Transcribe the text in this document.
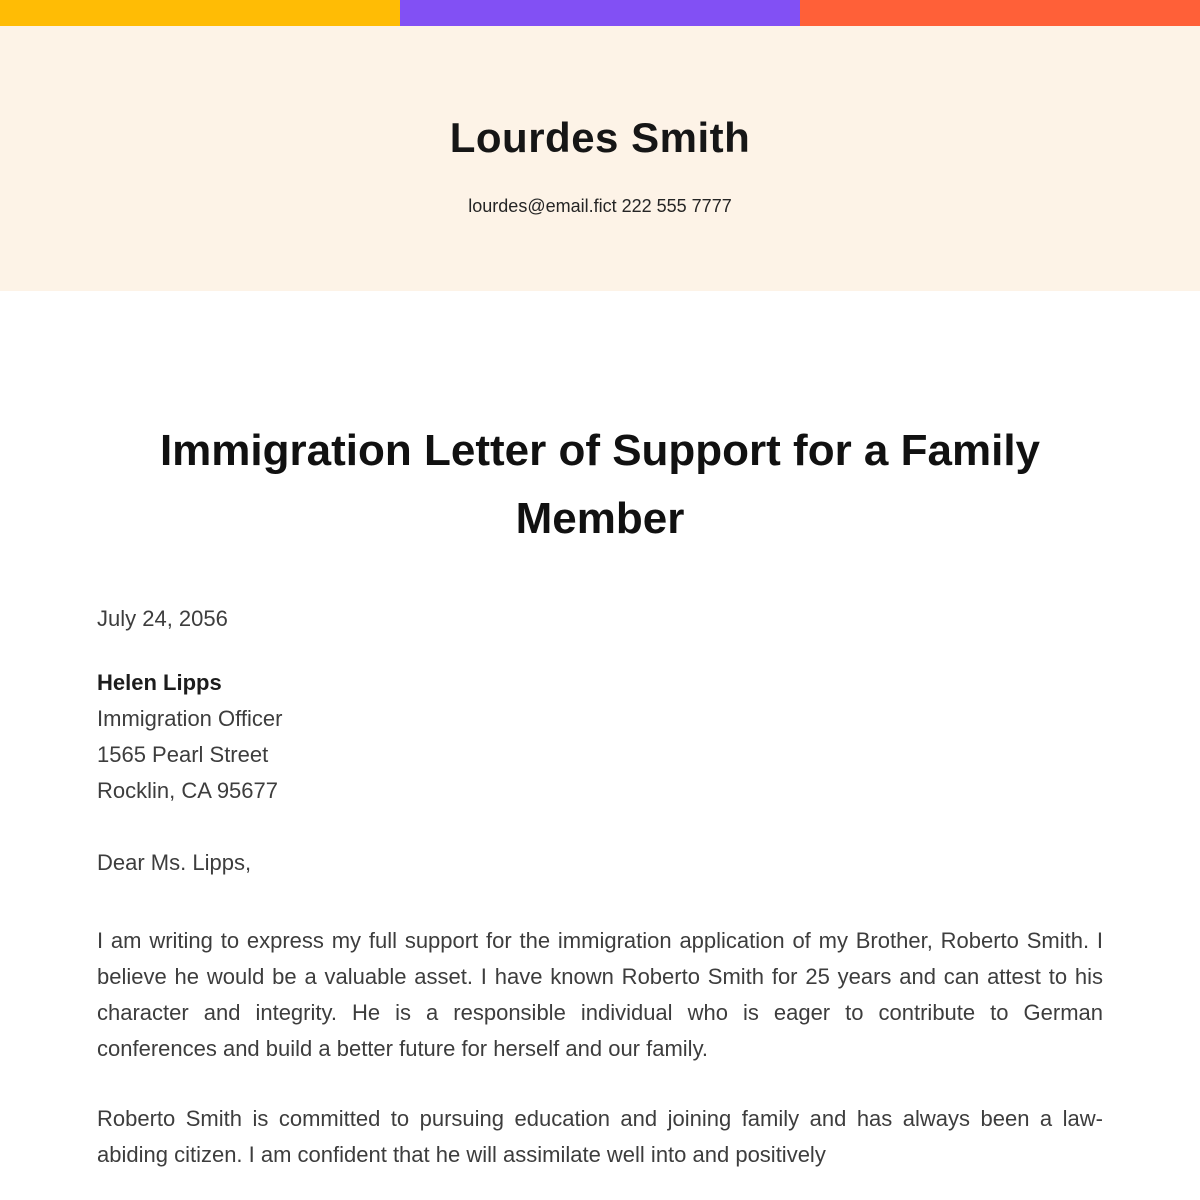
Lourdes Smith
lourdes@email.fict 222 555 7777
Immigration Letter of Support for a Family Member
July 24, 2056
Helen Lipps
Immigration Officer
1565 Pearl Street
Rocklin, CA 95677
Dear Ms. Lipps,

I am writing to express my full support for the immigration application of my Brother, Roberto Smith. I believe he would be a valuable asset. I have known Roberto Smith for 25 years and can attest to his character and integrity. He is a responsible individual who is eager to contribute to German conferences and build a better future for herself and our family.

Roberto Smith is committed to pursuing education and joining family and has always been a law-abiding citizen. I am confident that he will assimilate well into and positively
